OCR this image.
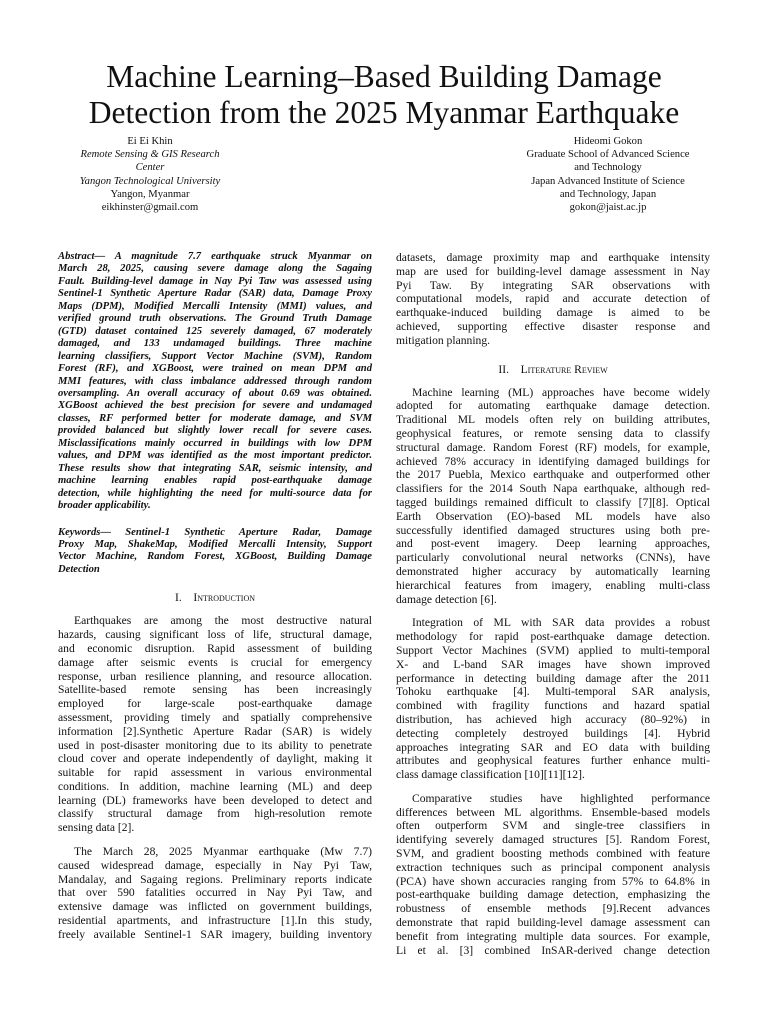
Machine Learning–Based Building Damage
Detection from the 2025 Myanmar Earthquake
Ei Ei Khin
Remote Sensing & GIS Research
Center
Yangon Technological University
Yangon, Myanmar
eikhinster@gmail.com
Hideomi Gokon
Graduate School of Advanced Science
and Technology
Japan Advanced Institute of Science
and Technology, Japan
gokon@jaist.ac.jp
Abstract— A magnitude 7.7 earthquake struck Myanmar on
March 28, 2025, causing severe damage along the Sagaing
Fault. Building-level damage in Nay Pyi Taw was assessed using
Sentinel-1 Synthetic Aperture Radar (SAR) data, Damage Proxy
Maps (DPM), Modified Mercalli Intensity (MMI) values, and
verified ground truth observations. The Ground Truth Damage
(GTD) dataset contained 125 severely damaged, 67 moderately
damaged, and 133 undamaged buildings. Three machine
learning classifiers, Support Vector Machine (SVM), Random
Forest (RF), and XGBoost, were trained on mean DPM and
MMI features, with class imbalance addressed through random
oversampling. An overall accuracy of about 0.69 was obtained.
XGBoost achieved the best precision for severe and undamaged
classes, RF performed better for moderate damage, and SVM
provided balanced but slightly lower recall for severe cases.
Misclassifications mainly occurred in buildings with low DPM
values, and DPM was identified as the most important predictor.
These results show that integrating SAR, seismic intensity, and
machine learning enables rapid post-earthquake damage
detection, while highlighting the need for multi-source data for
broader applicability.
Keywords— Sentinel-1 Synthetic Aperture Radar, Damage
Proxy Map, ShakeMap, Modified Mercalli Intensity, Support
Vector Machine, Random Forest, XGBoost, Building Damage
Detection
I. Introduction
Earthquakes are among the most destructive natural
hazards, causing significant loss of life, structural damage,
and economic disruption. Rapid assessment of building
damage after seismic events is crucial for emergency
response, urban resilience planning, and resource allocation.
Satellite-based remote sensing has been increasingly
employed for large-scale post-earthquake damage
assessment, providing timely and spatially comprehensive
information [2].Synthetic Aperture Radar (SAR) is widely
used in post-disaster monitoring due to its ability to penetrate
cloud cover and operate independently of daylight, making it
suitable for rapid assessment in various environmental
conditions. In addition, machine learning (ML) and deep
learning (DL) frameworks have been developed to detect and
classify structural damage from high-resolution remote
sensing data [2].
The March 28, 2025 Myanmar earthquake (Mw 7.7)
caused widespread damage, especially in Nay Pyi Taw,
Mandalay, and Sagaing regions. Preliminary reports indicate
that over 590 fatalities occurred in Nay Pyi Taw, and
extensive damage was inflicted on government buildings,
residential apartments, and infrastructure [1].In this study,
freely available Sentinel-1 SAR imagery, building inventory
datasets, damage proximity map and earthquake intensity
map are used for building-level damage assessment in Nay
Pyi Taw. By integrating SAR observations with
computational models, rapid and accurate detection of
earthquake-induced building damage is aimed to be
achieved, supporting effective disaster response and
mitigation planning.
II. Literature Review
Machine learning (ML) approaches have become widely
adopted for automating earthquake damage detection.
Traditional ML models often rely on building attributes,
geophysical features, or remote sensing data to classify
structural damage. Random Forest (RF) models, for example,
achieved 78% accuracy in identifying damaged buildings for
the 2017 Puebla, Mexico earthquake and outperformed other
classifiers for the 2014 South Napa earthquake, although red-
tagged buildings remained difficult to classify [7][8]. Optical
Earth Observation (EO)-based ML models have also
successfully identified damaged structures using both pre-
and post-event imagery. Deep learning approaches,
particularly convolutional neural networks (CNNs), have
demonstrated higher accuracy by automatically learning
hierarchical features from imagery, enabling multi-class
damage detection [6].
Integration of ML with SAR data provides a robust
methodology for rapid post-earthquake damage detection.
Support Vector Machines (SVM) applied to multi-temporal
X- and L-band SAR images have shown improved
performance in detecting building damage after the 2011
Tohoku earthquake [4]. Multi-temporal SAR analysis,
combined with fragility functions and hazard spatial
distribution, has achieved high accuracy (80–92%) in
detecting completely destroyed buildings [4]. Hybrid
approaches integrating SAR and EO data with building
attributes and geophysical features further enhance multi-
class damage classification [10][11][12].
Comparative studies have highlighted performance
differences between ML algorithms. Ensemble-based models
often outperform SVM and single-tree classifiers in
identifying severely damaged structures [5]. Random Forest,
SVM, and gradient boosting methods combined with feature
extraction techniques such as principal component analysis
(PCA) have shown accuracies ranging from 57% to 64.8% in
post-earthquake building damage detection, emphasizing the
robustness of ensemble methods [9].Recent advances
demonstrate that rapid building-level damage assessment can
benefit from integrating multiple data sources. For example,
Li et al. [3] combined InSAR-derived change detection
